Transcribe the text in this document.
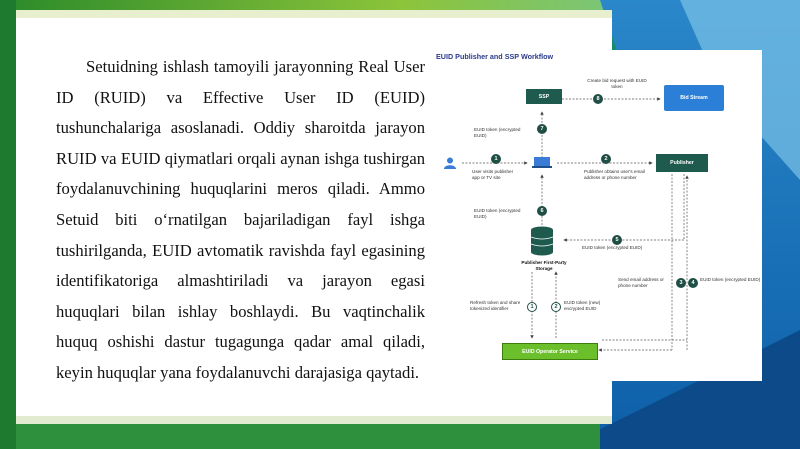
Setuidning ishlash tamoyili jarayonning Real User ID (RUID) va Effective User ID (EUID) tushunchalariga asoslanadi. Oddiy sharoitda jarayon RUID va EUID qiymatlari orqali aynan ishga tushirgan foydalanuvchining huquqlarini meros qiladi. Ammo Setuid biti oʻrnatilgan bajariladigan fayl ishga tushirilganda, EUID avtomatik ravishda fayl egasining identifikatoriga almashtiriladi va jarayon egasi huquqlari bilan ishlay boshlaydi. Bu vaqtinchalik huquq oshishi dastur tugagunga qadar amal qiladi, keyin huquqlar yana foydalanuvchi darajasiga qaytadi.

EUID Publisher and SSP Workflow
SSP	Bid Stream
Publisher
EUID Operator Service
Publisher First-Party Storage
Create bid request with EUID token
EUID token (encrypted EUID)
User visits publisher app or TV site
Publisher obtains user's email address or phone number
EUID token (encrypted EUID)
EUID token (encrypted EUID)
Send email address or phone number
EUID token (encrypted EUID)
Refresh token and share tokenized identifier
EUID token (new) encrypted EUID
8
7
1	2
6
5
3	4
1	2
